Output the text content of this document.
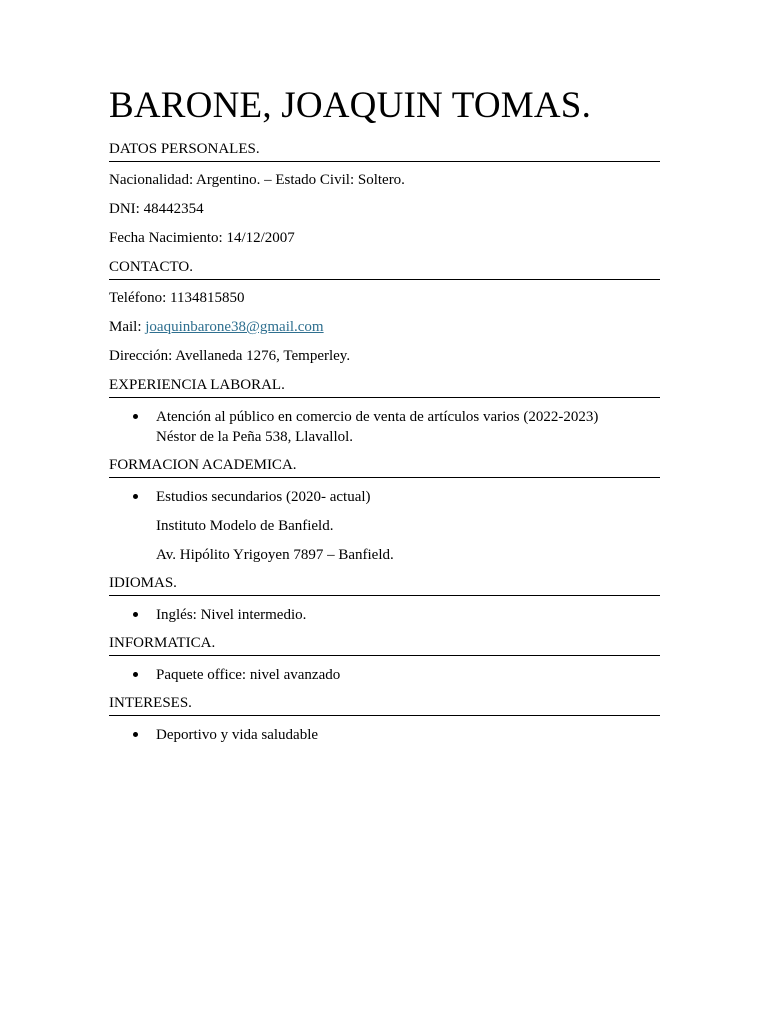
BARONE, JOAQUIN TOMAS.
DATOS PERSONALES.
Nacionalidad: Argentino. – Estado Civil: Soltero.
DNI: 48442354
Fecha Nacimiento: 14/12/2007
CONTACTO.
Teléfono: 1134815850
Mail: joaquinbarone38@gmail.com
Dirección: Avellaneda 1276, Temperley.
EXPERIENCIA LABORAL.
Atención al público en comercio de venta de artículos varios (2022-2023)
Néstor de la Peña 538, Llavallol.
FORMACION ACADEMICA.
Estudios secundarios (2020- actual)
Instituto Modelo de Banfield.
Av. Hipólito Yrigoyen 7897 – Banfield.
IDIOMAS.
Inglés: Nivel intermedio.
INFORMATICA.
Paquete office: nivel avanzado
INTERESES.
Deportivo y vida saludable
